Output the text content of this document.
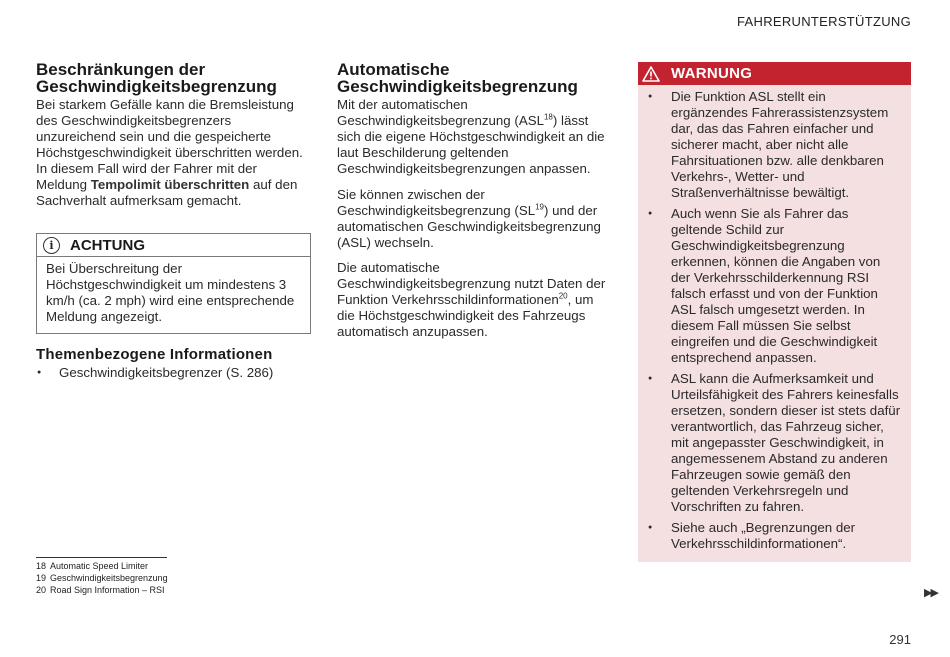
FAHRERUNTERSTÜTZUNG
Beschränkungen der
Geschwindigkeitsbegrenzung
Bei starkem Gefälle kann die Bremsleistung des Geschwindigkeitsbegrenzers unzureichend sein und die gespeicherte Höchstgeschwindigkeit überschritten werden. In diesem Fall wird der Fahrer mit der Meldung Tempolimit überschritten auf den Sachverhalt aufmerksam gemacht.
i	ACHTUNG
Bei Überschreitung der Höchstgeschwindigkeit um mindestens 3 km/h (ca. 2 mph) wird eine entsprechende Meldung angezeigt.
Themenbezogene Informationen
● Geschwindigkeitsbegrenzer (S. 286)
Automatische
Geschwindigkeitsbegrenzung

Mit der automatischen Geschwindigkeitsbegrenzung (ASL$^{18}$) lässt sich die eigene Höchstgeschwindigkeit an die laut Beschilderung geltenden Geschwindigkeitsbegrenzungen anpassen.

Sie können zwischen der Geschwindigkeitsbegrenzung (SL$^{19}$) und der automatischen Geschwindigkeitsbegrenzung (ASL) wechseln.

Die automatische Geschwindigkeitsbegrenzung nutzt Daten der Funktion Verkehrsschildinformationen$^{20}$, um die Höchstgeschwindigkeit des Fahrzeugs automatisch anzupassen.

WARNUNG
● Die Funktion ASL stellt ein ergänzendes Fahrerassistenzsystem dar, das das Fahren einfacher und sicherer macht, aber nicht alle Fahrsituationen bzw. alle denkbaren Verkehrs-, Wetter- und Straßenverhältnisse bewältigt.
● Auch wenn Sie als Fahrer das geltende Schild zur Geschwindigkeitsbegrenzung erkennen, können die Angaben von der Verkehrsschilderkennung RSI falsch erfasst und von der Funktion ASL falsch umgesetzt werden. In diesem Fall müssen Sie selbst eingreifen und die Geschwindigkeit entsprechend anpassen.
● ASL kann die Aufmerksamkeit und Urteilsfähigkeit des Fahrers keinesfalls ersetzen, sondern dieser ist stets dafür verantwortlich, das Fahrzeug sicher, mit angepasster Geschwindigkeit, in angemessenem Abstand zu anderen Fahrzeugen sowie gemäß den geltenden Verkehrsregeln und Vorschriften zu fahren.
● Siehe auch „Begrenzungen der Verkehrsschildinformationen“.
18 Automatic Speed Limiter
19 Geschwindigkeitsbegrenzung
20 Road Sign Information – RSI	▶▶
291
